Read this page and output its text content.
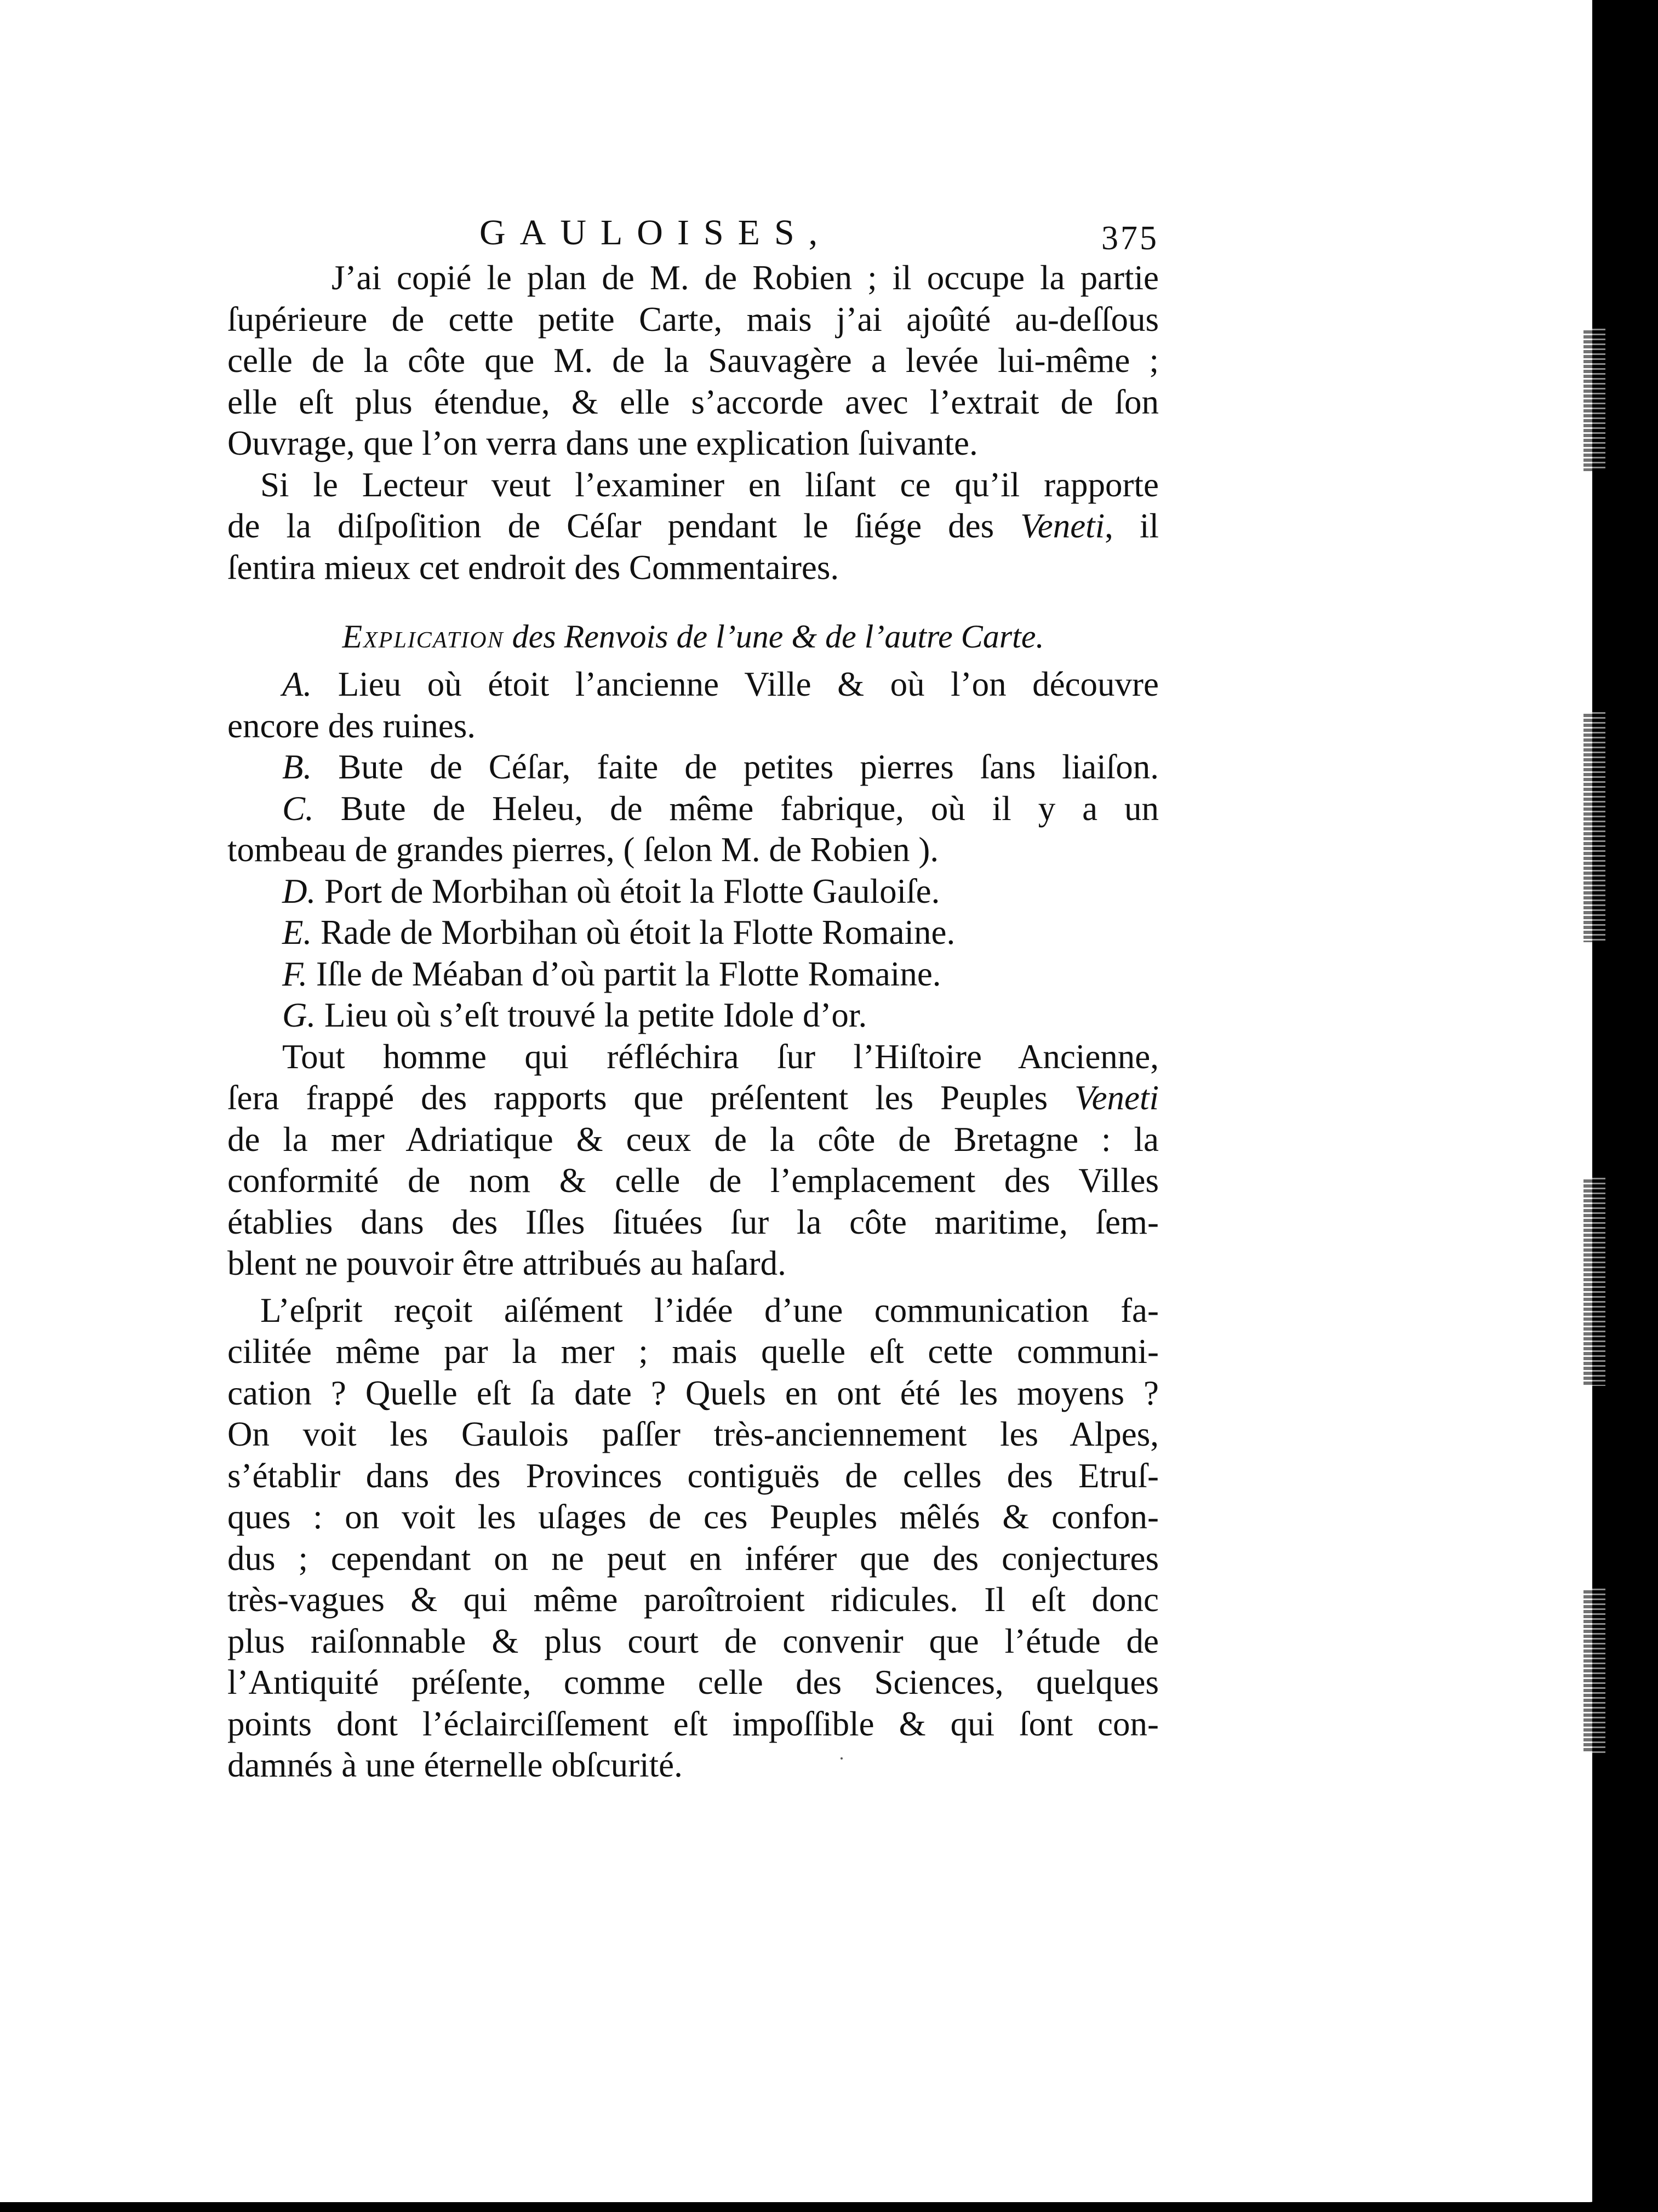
GAULOISES,	375
J’ai copié le plan de M. de Robien ; il occupe la partie
ſupérieure de cette petite Carte, mais j’ai ajoûté au-deſſous
celle de la côte que M. de la Sauvagère a levée lui-même ;
elle eſt plus étendue, & elle s’accorde avec l’extrait de ſon
Ouvrage, que l’on verra dans une explication ſuivante.
Si le Lecteur veut l’examiner en liſant ce qu’il rapporte
de la diſpoſition de Céſar pendant le ſiége des Veneti, il
ſentira mieux cet endroit des Commentaires.

Explication des Renvois de l’une & de l’autre Carte.

A. Lieu où étoit l’ancienne Ville & où l’on découvre
encore des ruines.
B. Bute de Céſar, faite de petites pierres ſans liaiſon.
C. Bute de Heleu, de même fabrique, où il y a un
tombeau de grandes pierres, ( ſelon M. de Robien ).
D. Port de Morbihan où étoit la Flotte Gauloiſe.
E. Rade de Morbihan où étoit la Flotte Romaine.
F. Iſle de Méaban d’où partit la Flotte Romaine.
G. Lieu où s’eſt trouvé la petite Idole d’or.
Tout homme qui réfléchira ſur l’Hiſtoire Ancienne,
ſera frappé des rapports que préſentent les Peuples Veneti
de la mer Adriatique & ceux de la côte de Bretagne : la
conformité de nom & celle de l’emplacement des Villes
établies dans des Iſles ſituées ſur la côte maritime, ſem-
blent ne pouvoir être attribués au haſard.
L’eſprit reçoit aiſément l’idée d’une communication fa-
cilitée même par la mer ; mais quelle eſt cette communi-
cation ? Quelle eſt ſa date ? Quels en ont été les moyens ?
On voit les Gaulois paſſer très-anciennement les Alpes,
s’établir dans des Provinces contiguës de celles des Etruſ-
ques : on voit les uſages de ces Peuples mêlés & confon-
dus ; cependant on ne peut en inférer que des conjectures
très-vagues & qui même paroîtroient ridicules. Il eſt donc
plus raiſonnable & plus court de convenir que l’étude de
l’Antiquité préſente, comme celle des Sciences, quelques
points dont l’éclairciſſement eſt impoſſible & qui ſont con-
damnés à une éternelle obſcurité.
